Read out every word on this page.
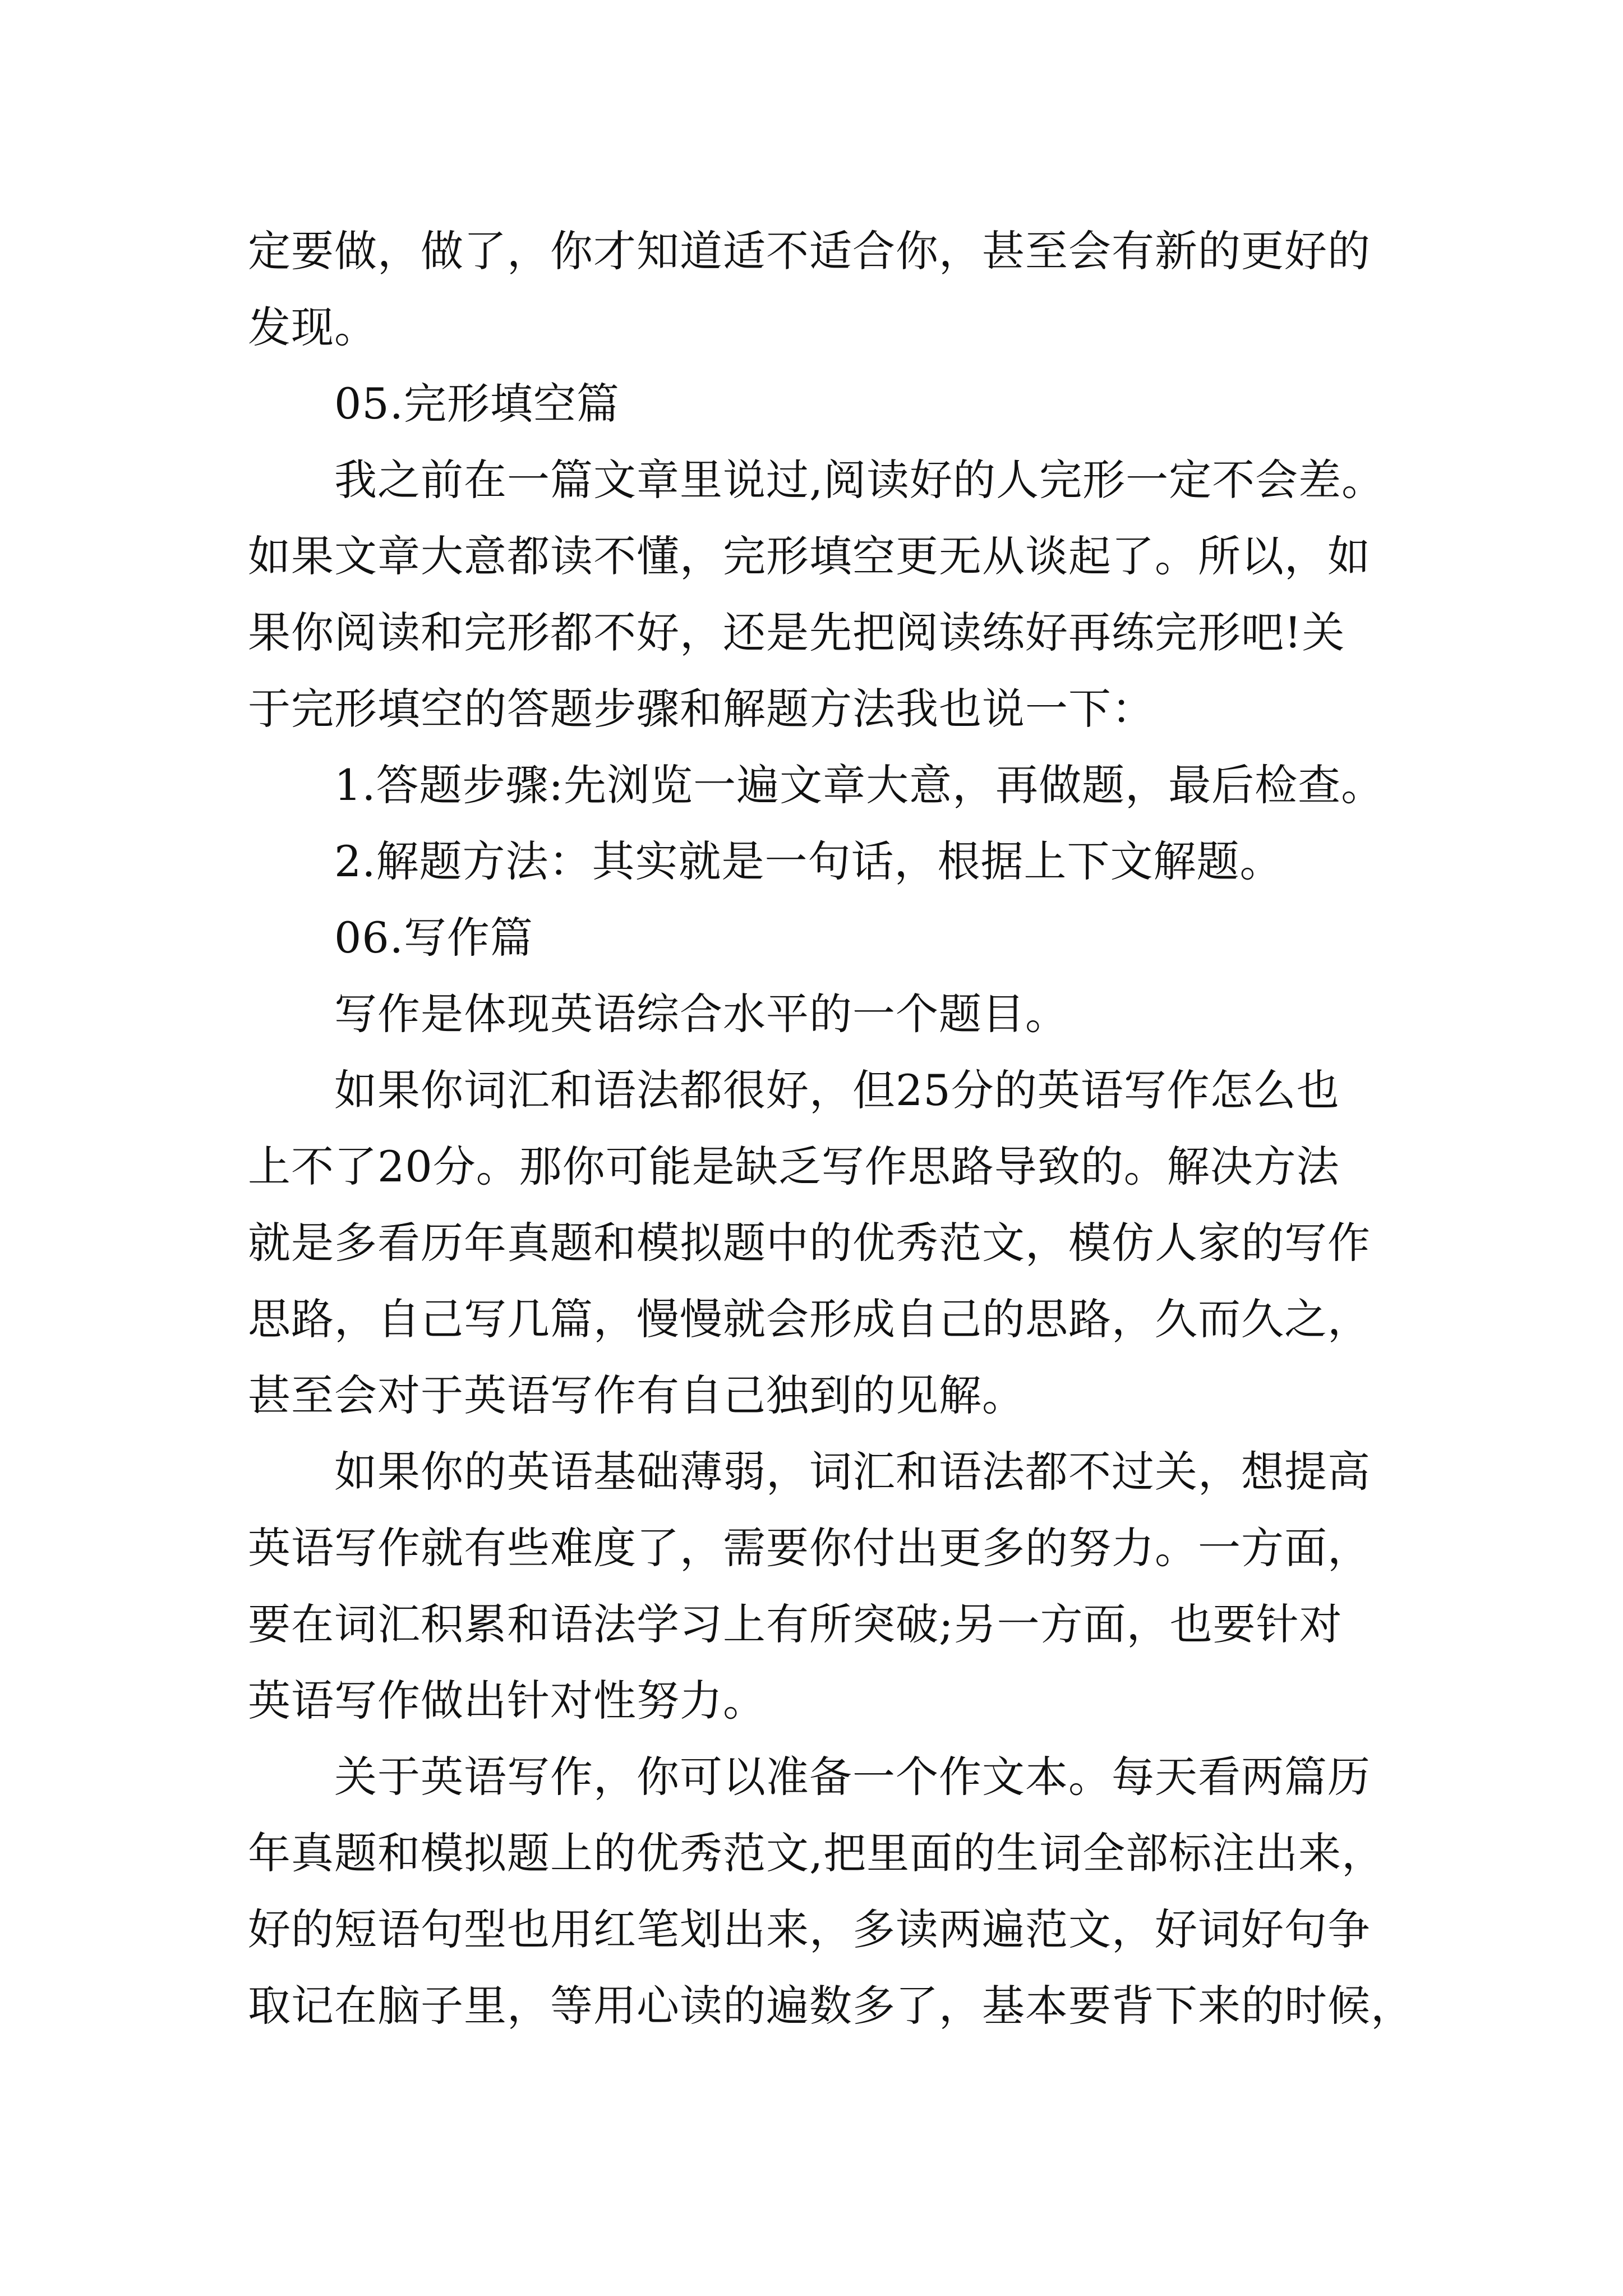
定要做，做了，你才知道适不适合你，甚至会有新的更好的
发现。
05.完形填空篇
我之前在一篇文章里说过,阅读好的人完形一定不会差。
如果文章大意都读不懂，完形填空更无从谈起了。所以，如
果你阅读和完形都不好，还是先把阅读练好再练完形吧!关
于完形填空的答题步骤和解题方法我也说一下：
1.答题步骤:先浏览一遍文章大意，再做题，最后检查。
2.解题方法：其实就是一句话，根据上下文解题。
06.写作篇
写作是体现英语综合水平的一个题目。
如果你词汇和语法都很好，但25分的英语写作怎么也
上不了20分。那你可能是缺乏写作思路导致的。解决方法
就是多看历年真题和模拟题中的优秀范文，模仿人家的写作
思路，自己写几篇，慢慢就会形成自己的思路，久而久之，
甚至会对于英语写作有自己独到的见解。
如果你的英语基础薄弱，词汇和语法都不过关，想提高
英语写作就有些难度了，需要你付出更多的努力。一方面，
要在词汇积累和语法学习上有所突破;另一方面，也要针对
英语写作做出针对性努力。
关于英语写作，你可以准备一个作文本。每天看两篇历
年真题和模拟题上的优秀范文,把里面的生词全部标注出来，
好的短语句型也用红笔划出来，多读两遍范文，好词好句争
取记在脑子里，等用心读的遍数多了，基本要背下来的时候，
